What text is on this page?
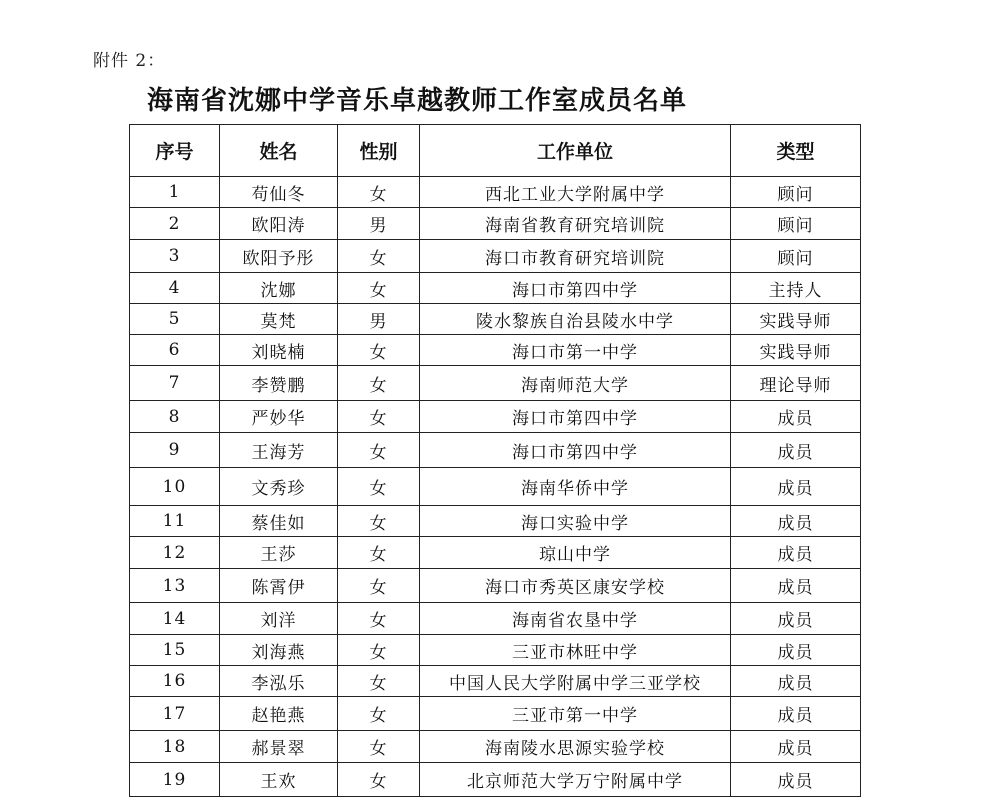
附件 2：
海南省沈娜中学音乐卓越教师工作室成员名单
序号	姓名	性别	工作单位	类型
1	苟仙冬	女	西北工业大学附属中学	顾问
2	欧阳涛	男	海南省教育研究培训院	顾问
3	欧阳予彤	女	海口市教育研究培训院	顾问
4	沈娜	女	海口市第四中学	主持人
5	莫梵	男	陵水黎族自治县陵水中学	实践导师
6	刘晓楠	女	海口市第一中学	实践导师
7	李赞鹏	女	海南师范大学	理论导师
8	严妙华	女	海口市第四中学	成员
9	王海芳	女	海口市第四中学	成员
10	文秀珍	女	海南华侨中学	成员
11	蔡佳如	女	海口实验中学	成员
12	王莎	女	琼山中学	成员
13	陈霄伊	女	海口市秀英区康安学校	成员
14	刘洋	女	海南省农垦中学	成员
15	刘海燕	女	三亚市林旺中学	成员
16	李泓乐	女	中国人民大学附属中学三亚学校	成员
17	赵艳燕	女	三亚市第一中学	成员
18	郝景翠	女	海南陵水思源实验学校	成员
19	王欢	女	北京师范大学万宁附属中学	成员
